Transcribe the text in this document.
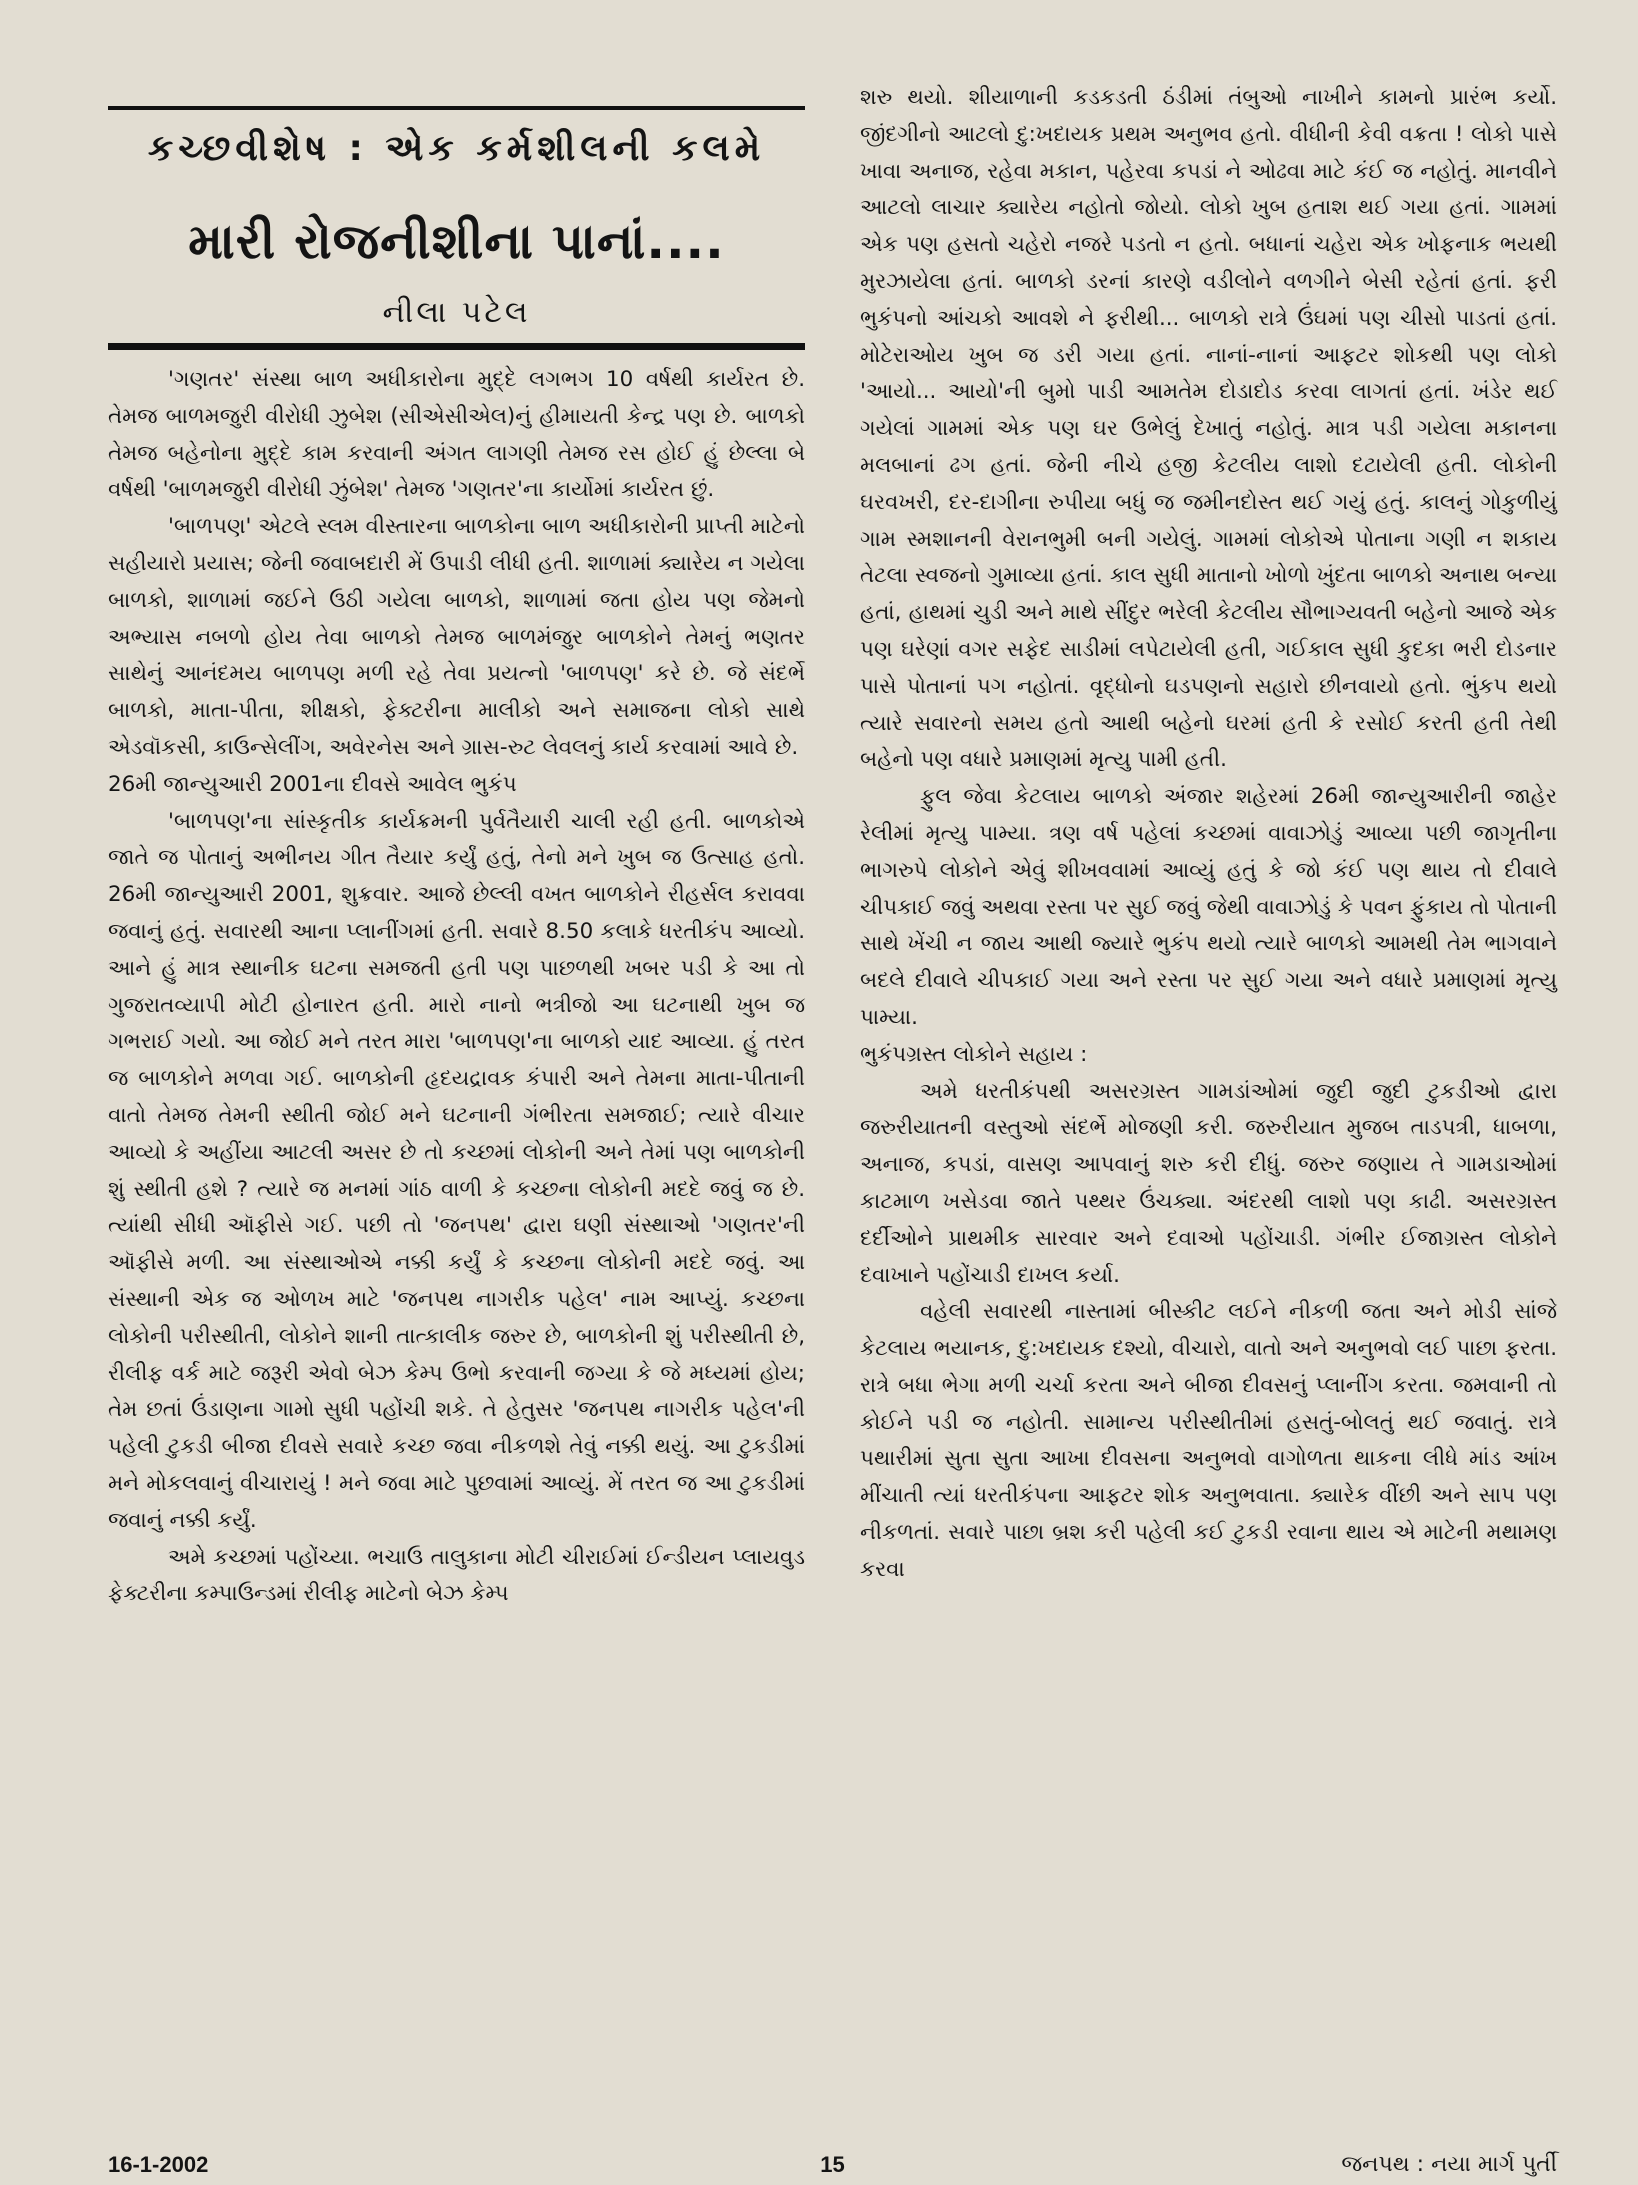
કચ્છવીશેષ : એક કર્મશીલની કલમે
મારી રોજનીશીના પાનાં....
નીલા પટેલ

'ગણતર' સંસ્થા બાળ અધીકારોના મુદ્દે લગભગ 10 વર્ષથી કાર્યરત છે. તેમજ બાળમજુરી વીરોધી ઝુબેશ (સીએસીએલ)નું હીમાયતી કેન્દ્ર પણ છે. બાળકો તેમજ બહેનોના મુદ્દે કામ કરવાની અંગત લાગણી તેમજ રસ હોઈ હું છેલ્લા બે વર્ષથી 'બાળમજુરી વીરોધી ઝુંબેશ' તેમજ 'ગણતર'ના કાર્યોમાં કાર્યરત છું.

'બાળપણ' એટલે સ્લમ વીસ્તારના બાળકોના બાળ અધીકારોની પ્રાપ્તી માટેનો સહીયારો પ્રયાસ; જેની જવાબદારી મેં ઉપાડી લીધી હતી. શાળામાં ક્યારેય ન ગયેલા બાળકો, શાળામાં જઈને ઉઠી ગયેલા બાળકો, શાળામાં જતા હોય પણ જેમનો અભ્યાસ નબળો હોય તેવા બાળકો તેમજ બાળમંજુર બાળકોને તેમનું ભણતર સાથેનું આનંદમય બાળપણ મળી રહે તેવા પ્રયત્નો 'બાળપણ' કરે છે. જે સંદર્ભે બાળકો, માતા-પીતા, શીક્ષકો, ફેક્ટરીના માલીકો અને સમાજના લોકો સાથે એડવૉકસી, કાઉન્સેલીંગ, અવેરનેસ અને ગ્રાસ-રુટ લેવલનું કાર્ય કરવામાં આવે છે.

26મી જાન્યુઆરી 2001ના દીવસે આવેલ ભુકંપ

'બાળપણ'ના સાંસ્કૃતીક કાર્યક્રમની પુર્વતૈયારી ચાલી રહી હતી. બાળકોએ જાતે જ પોતાનું અભીનય ગીત તૈયાર કર્યું હતું, તેનો મને ખુબ જ ઉત્સાહ હતો. 26મી જાન્યુઆરી 2001, શુક્રવાર. આજે છેલ્લી વખત બાળકોને રીહર્સલ કરાવવા જવાનું હતું. સવારથી આના પ્લાનીંગમાં હતી. સવારે 8.50 કલાકે ધરતીકંપ આવ્યો. આને હું માત્ર સ્થાનીક ઘટના સમજતી હતી પણ પાછળથી ખબર પડી કે આ તો ગુજરાતવ્યાપી મોટી હોનારત હતી. મારો નાનો ભત્રીજો આ ઘટનાથી ખુબ જ ગભરાઈ ગયો. આ જોઈ મને તરત મારા 'બાળપણ'ના બાળકો યાદ આવ્યા. હું તરત જ બાળકોને મળવા ગઈ. બાળકોની હૃદયદ્રાવક કંપારી અને તેમના માતા-પીતાની વાતો તેમજ તેમની સ્થીતી જોઈ મને ઘટનાની ગંભીરતા સમજાઈ; ત્યારે વીચાર આવ્યો કે અહીંયા આટલી અસર છે તો કચ્છમાં લોકોની અને તેમાં પણ બાળકોની શું સ્થીતી હશે ? ત્યારે જ મનમાં ગાંઠ વાળી કે કચ્છના લોકોની મદદે જવું જ છે. ત્યાંથી સીધી ઑફીસે ગઈ. પછી તો 'જનપથ' દ્વારા ઘણી સંસ્થાઓ 'ગણતર'ની ઑફીસે મળી. આ સંસ્થાઓએ નક્કી કર્યું કે કચ્છના લોકોની મદદે જવું. આ સંસ્થાની એક જ ઓળખ માટે 'જનપથ નાગરીક પહેલ' નામ આપ્યું. કચ્છના લોકોની પરીસ્થીતી, લોકોને શાની તાત્કાલીક જરુર છે, બાળકોની શું પરીસ્થીતી છે, રીલીફ વર્ક માટે જરૂરી એવો બેઝ કેમ્પ ઉભો કરવાની જગ્યા કે જે મધ્યમાં હોય; તેમ છતાં ઉંડાણના ગામો સુધી પહોંચી શકે. તે હેતુસર 'જનપથ નાગરીક પહેલ'ની પહેલી ટુકડી બીજા દીવસે સવારે કચ્છ જવા નીકળશે તેવું નક્કી થયું. આ ટુકડીમાં મને મોકલવાનું વીચારાયું ! મને જવા માટે પુછવામાં આવ્યું. મેં તરત જ આ ટુકડીમાં જવાનું નક્કી કર્યું.

અમે કચ્છમાં પહોંચ્યા. ભચાઉ તાલુકાના મોટી ચીરાઈમાં ઈન્ડીયન પ્લાયવુડ ફેક્ટરીના કમ્પાઉન્ડમાં રીલીફ માટેનો બેઝ કેમ્પ

શરુ થયો. શીયાળાની કડકડતી ઠંડીમાં તંબુઓ નાખીને કામનો પ્રારંભ કર્યો. જીંદગીનો આટલો દુ:ખદાયક પ્રથમ અનુભવ હતો. વીધીની કેવી વક્રતા ! લોકો પાસે ખાવા અનાજ, રહેવા મકાન, પહેરવા કપડાં ને ઓઢવા માટે કંઈ જ નહોતું. માનવીને આટલો લાચાર ક્યારેય નહોતો જોયો. લોકો ખુબ હતાશ થઈ ગયા હતાં. ગામમાં એક પણ હસતો ચહેરો નજરે પડતો ન હતો. બધાનાં ચહેરા એક ખોફનાક ભયથી મુરઝાયેલા હતાં. બાળકો ડરનાં કારણે વડીલોને વળગીને બેસી રહેતાં હતાં. ફરી ભુકંપનો આંચકો આવશે ને ફરીથી... બાળકો રાત્રે ઉંઘમાં પણ ચીસો પાડતાં હતાં. મોટેરાઓય ખુબ જ ડરી ગયા હતાં. નાનાં-નાનાં આફટર શોકથી પણ લોકો 'આયો... આયો'ની બુમો પાડી આમતેમ દોડાદોડ કરવા લાગતાં હતાં. ખંડેર થઈ ગયેલાં ગામમાં એક પણ ઘર ઉભેલું દેખાતું નહોતું. માત્ર પડી ગયેલા મકાનના મલબાનાં ઢગ હતાં. જેની નીચે હજી કેટલીય લાશો દટાયેલી હતી. લોકોની ઘરવખરી, દર-દાગીના રુપીયા બધું જ જમીનદોસ્ત થઈ ગયું હતું. કાલનું ગોકુળીયું ગામ સ્મશાનની વેરાનભુમી બની ગયેલું. ગામમાં લોકોએ પોતાના ગણી ન શકાય તેટલા સ્વજનો ગુમાવ્યા હતાં. કાલ સુધી માતાનો ખોળો ખુંદતા બાળકો અનાથ બન્યા હતાં, હાથમાં ચુડી અને માથે સીંદુર ભરેલી કેટલીય સૌભાગ્યવતી બહેનો આજે એક પણ ઘરેણાં વગર સફેદ સાડીમાં લપેટાયેલી હતી, ગઈકાલ સુધી કુદકા ભરી દોડનાર પાસે પોતાનાં પગ નહોતાં. વૃદ્ધોનો ઘડપણનો સહારો છીનવાયો હતો. ભુંકપ થયો ત્યારે સવારનો સમય હતો આથી બહેનો ઘરમાં હતી કે રસોઈ કરતી હતી તેથી બહેનો પણ વધારે પ્રમાણમાં મૃત્યુ પામી હતી.

ફુલ જેવા કેટલાય બાળકો અંજાર શહેરમાં 26મી જાન્યુઆરીની જાહેર રેલીમાં મૃત્યુ પામ્યા. ત્રણ વર્ષ પહેલાં કચ્છમાં વાવાઝોડું આવ્યા પછી જાગૃતીના ભાગરુપે લોકોને એવું શીખવવામાં આવ્યું હતું કે જો કંઈ પણ થાય તો દીવાલે ચીપકાઈ જવું અથવા રસ્તા પર સુઈ જવું જેથી વાવાઝોડું કે પવન ફુંકાય તો પોતાની સાથે ખેંચી ન જાય આથી જ્યારે ભુકંપ થયો ત્યારે બાળકો આમથી તેમ ભાગવાને બદલે દીવાલે ચીપકાઈ ગયા અને રસ્તા પર સુઈ ગયા અને વધારે પ્રમાણમાં મૃત્યુ પામ્યા.

ભુકંપગ્રસ્ત લોકોને સહાય :

અમે ધરતીકંપથી અસરગ્રસ્ત ગામડાંઓમાં જુદી જુદી ટુકડીઓ દ્વારા જરુરીયાતની વસ્તુઓ સંદર્ભે મોજણી કરી. જરુરીયાત મુજબ તાડપત્રી, ધાબળા, અનાજ, કપડાં, વાસણ આપવાનું શરુ કરી દીધું. જરુર જણાય તે ગામડાઓમાં કાટમાળ ખસેડવા જાતે પથ્થર ઉંચક્યા. અંદરથી લાશો પણ કાઢી. અસરગ્રસ્ત દર્દીઓને પ્રાથમીક સારવાર અને દવાઓ પહોંચાડી. ગંભીર ઈજાગ્રસ્ત લોકોને દવાખાને પહોંચાડી દાખલ કર્યા.

વહેલી સવારથી નાસ્તામાં બીસ્કીટ લઈને નીકળી જતા અને મોડી સાંજે કેટલાય ભયાનક, દુ:ખદાયક દશ્યો, વીચારો, વાતો અને અનુભવો લઈ પાછા ફરતા. રાત્રે બધા ભેગા મળી ચર્ચા કરતા અને બીજા દીવસનું પ્લાનીંગ કરતા. જમવાની તો કોઈને પડી જ નહોતી. સામાન્ય પરીસ્થીતીમાં હસતું-બોલતું થઈ જવાતું. રાત્રે પથારીમાં સુતા સુતા આખા દીવસના અનુભવો વાગોળતા થાકના લીધે માંડ આંખ મીંચાતી ત્યાં ધરતીકંપના આફટર શોક અનુભવાતા. ક્યારેક વીંછી અને સાપ પણ નીકળતાં. સવારે પાછા બ્રશ કરી પહેલી કઈ ટુકડી રવાના થાય એ માટેની મથામણ કરવા

16-1-2002	15	જનપથ : નયા માર્ગ પુર્તી
